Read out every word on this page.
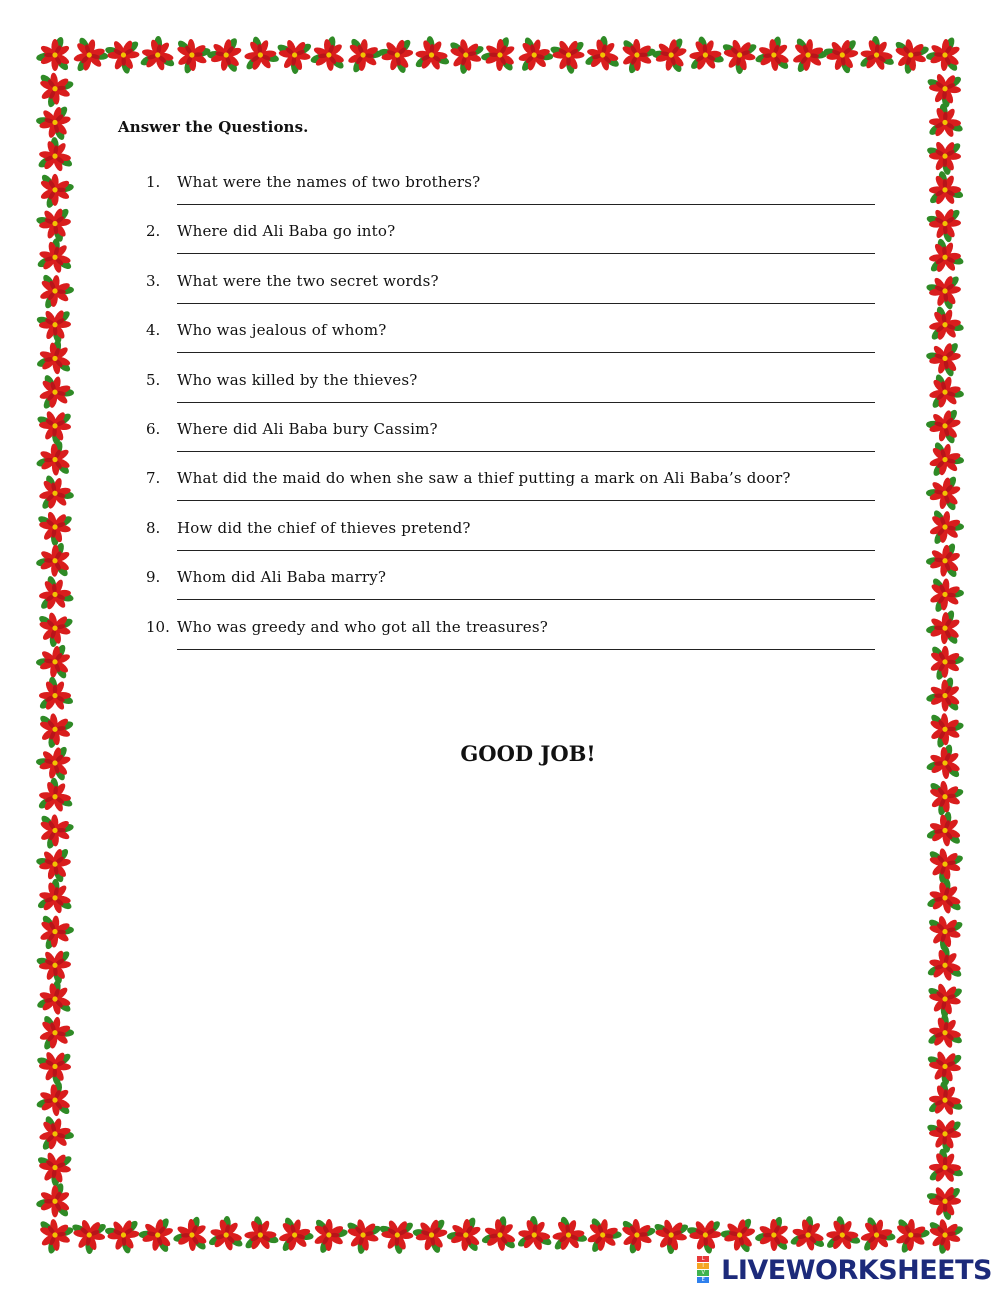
Answer the Questions.
1. What were the names of two brothers?
2. Where did Ali Baba go into?
3. What were the two secret words?
4. Who was jealous of whom?
5. Who was killed by the thieves?
6. Where did Ali Baba bury Cassim?
7. What did the maid do when she saw a thief putting a mark on Ali Baba’s door?
8. How did the chief of thieves pretend?
9. Whom did Ali Baba marry?
10. Who was greedy and who got all the treasures?
GOOD JOB!
L
I
V
E LIVEWORKSHEETS
